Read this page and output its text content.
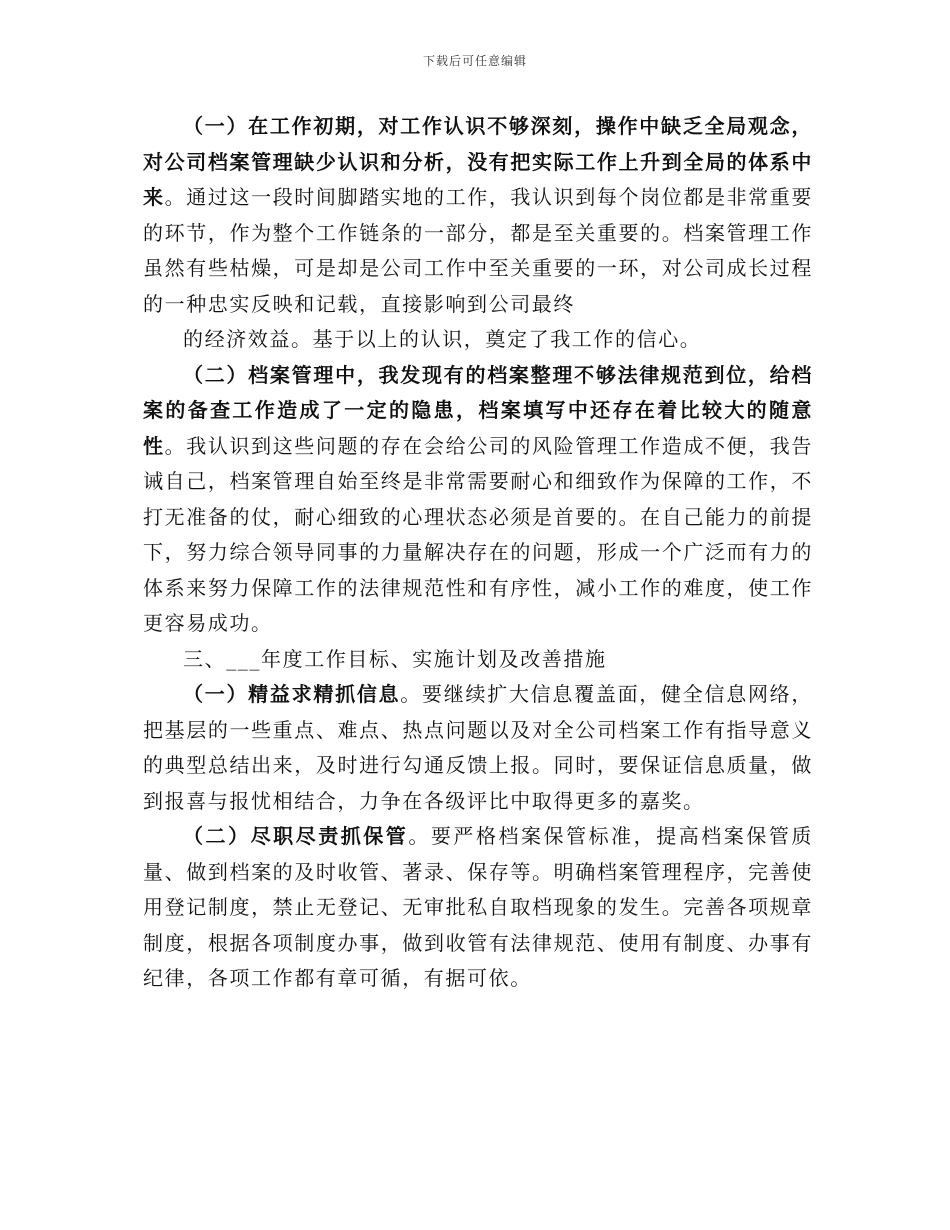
下载后可任意编辑

（一）在工作初期，对工作认识不够深刻，操作中缺乏全局观念，对公司档案管理缺少认识和分析，没有把实际工作上升到全局的体系中来。通过这一段时间脚踏实地的工作，我认识到每个岗位都是非常重要的环节，作为整个工作链条的一部分，都是至关重要的。档案管理工作虽然有些枯燥，可是却是公司工作中至关重要的一环，对公司成长过程的一种忠实反映和记载，直接影响到公司最终

的经济效益。基于以上的认识，奠定了我工作的信心。

（二）档案管理中，我发现有的档案整理不够法律规范到位，给档案的备查工作造成了一定的隐患，档案填写中还存在着比较大的随意性。我认识到这些问题的存在会给公司的风险管理工作造成不便，我告诫自己，档案管理自始至终是非常需要耐心和细致作为保障的工作，不打无准备的仗，耐心细致的心理状态必须是首要的。在自己能力的前提下，努力综合领导同事的力量解决存在的问题，形成一个广泛而有力的体系来努力保障工作的法律规范性和有序性，减小工作的难度，使工作更容易成功。

三、___年度工作目标、实施计划及改善措施

（一）精益求精抓信息。要继续扩大信息覆盖面，健全信息网络，把基层的一些重点、难点、热点问题以及对全公司档案工作有指导意义的典型总结出来，及时进行勾通反馈上报。同时，要保证信息质量，做到报喜与报忧相结合，力争在各级评比中取得更多的嘉奖。

（二）尽职尽责抓保管。要严格档案保管标准，提高档案保管质量、做到档案的及时收管、著录、保存等。明确档案管理程序，完善使用登记制度，禁止无登记、无审批私自取档现象的发生。完善各项规章制度，根据各项制度办事，做到收管有法律规范、使用有制度、办事有纪律，各项工作都有章可循，有据可依。
